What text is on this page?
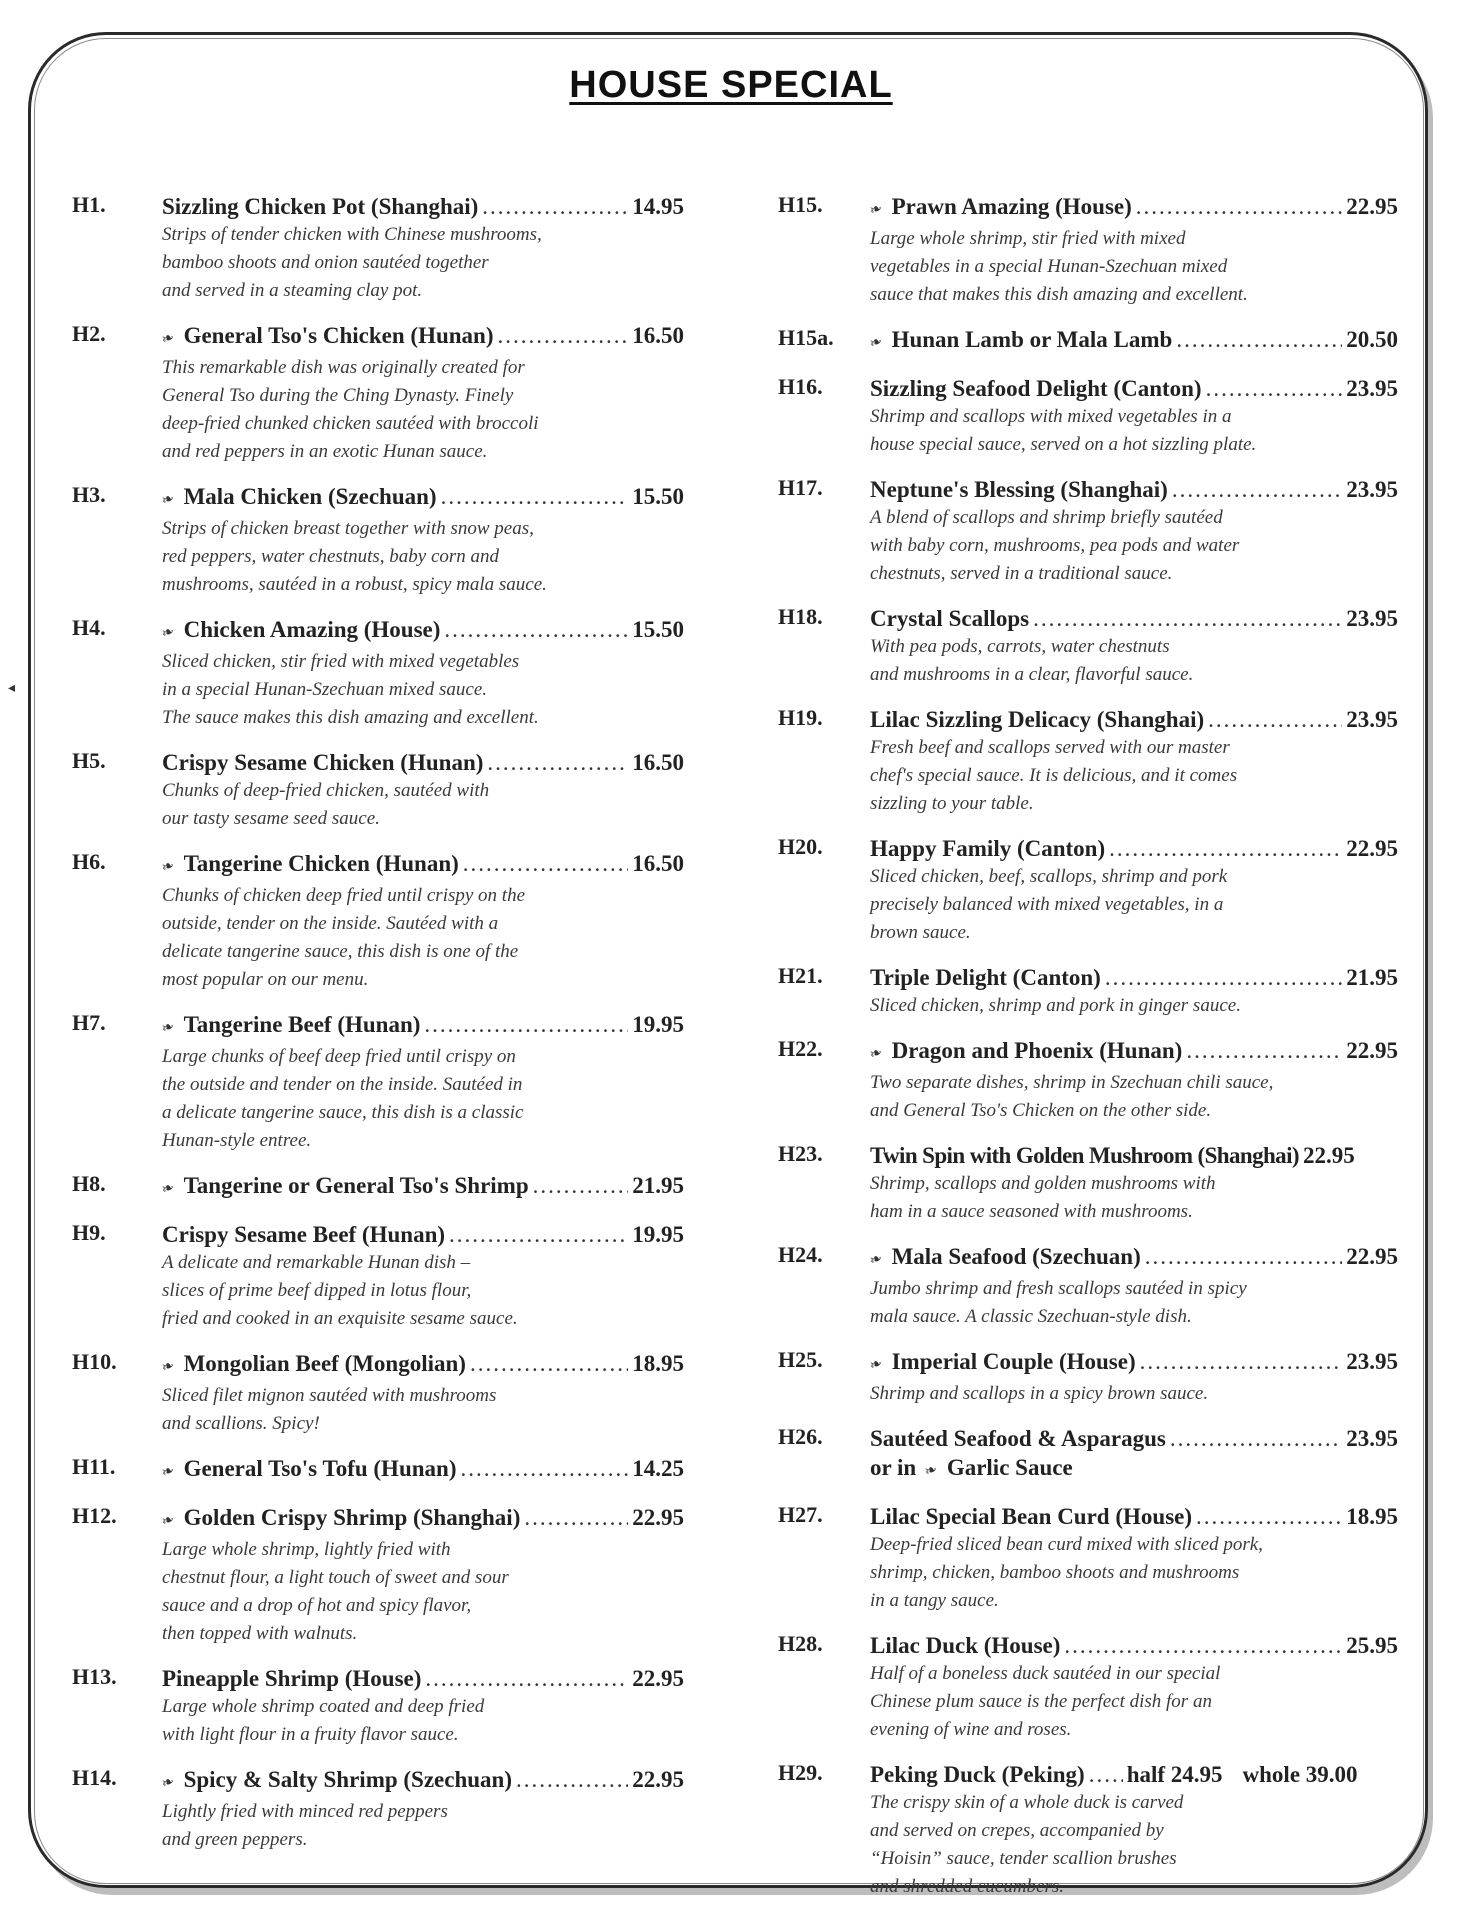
HOUSE SPECIAL
◂
H1. Sizzling Chicken Pot (Shanghai) .....	14.95
Strips of tender chicken with Chinese mushrooms,
bamboo shoots and onion sautéed together
and served in a steaming clay pot.
H2.	❧ General Tso's Chicken (Hunan) .....	16.50
This remarkable dish was originally created for
General Tso during the Ching Dynasty. Finely
deep-fried chunked chicken sautéed with broccoli
and red peppers in an exotic Hunan sauce.
H3.	❧ Mala Chicken (Szechuan) .....	15.50
Strips of chicken breast together with snow peas,
red peppers, water chestnuts, baby corn and
mushrooms, sautéed in a robust, spicy mala sauce.
H4.	❧ Chicken Amazing (House) .....	15.50
Sliced chicken, stir fried with mixed vegetables
in a special Hunan-Szechuan mixed sauce.
The sauce makes this dish amazing and excellent.
H5. Crispy Sesame Chicken (Hunan) .....	16.50
Chunks of deep-fried chicken, sautéed with
our tasty sesame seed sauce.
H6.	❧ Tangerine Chicken (Hunan) .....	16.50
Chunks of chicken deep fried until crispy on the
outside, tender on the inside. Sautéed with a
delicate tangerine sauce, this dish is one of the
most popular on our menu.
H7.	❧ Tangerine Beef (Hunan) .....	19.95
Large chunks of beef deep fried until crispy on
the outside and tender on the inside. Sautéed in
a delicate tangerine sauce, this dish is a classic
Hunan-style entree.
H8.	❧ Tangerine or General Tso's Shrimp .....	21.95
H9. Crispy Sesame Beef (Hunan) .....	19.95
A delicate and remarkable Hunan dish –
slices of prime beef dipped in lotus flour,
fried and cooked in an exquisite sesame sauce.
H10.	❧ Mongolian Beef (Mongolian) .....	18.95
Sliced filet mignon sautéed with mushrooms
and scallions. Spicy!
H11.	❧ General Tso's Tofu (Hunan) .....	14.25
H12.	❧ Golden Crispy Shrimp (Shanghai) .....	22.95
Large whole shrimp, lightly fried with
chestnut flour, a light touch of sweet and sour
sauce and a drop of hot and spicy flavor,
then topped with walnuts.
H13. Pineapple Shrimp (House) .....	22.95
Large whole shrimp coated and deep fried
with light flour in a fruity flavor sauce.
H14.	❧ Spicy & Salty Shrimp (Szechuan) .....	22.95
Lightly fried with minced red peppers
and green peppers.
H15.	❧ Prawn Amazing (House) .....	22.95
Large whole shrimp, stir fried with mixed
vegetables in a special Hunan-Szechuan mixed
sauce that makes this dish amazing and excellent.
H15a. ❧ Hunan Lamb or Mala Lamb .....	20.50
H16. Sizzling Seafood Delight (Canton) .....	23.95
Shrimp and scallops with mixed vegetables in a
house special sauce, served on a hot sizzling plate.
H17. Neptune's Blessing (Shanghai) .....	23.95
A blend of scallops and shrimp briefly sautéed
with baby corn, mushrooms, pea pods and water
chestnuts, served in a traditional sauce.
H18. Crystal Scallops .....	23.95
With pea pods, carrots, water chestnuts
and mushrooms in a clear, flavorful sauce.
H19. Lilac Sizzling Delicacy (Shanghai) .....	23.95
Fresh beef and scallops served with our master
chef's special sauce. It is delicious, and it comes
sizzling to your table.
H20. Happy Family (Canton) .....	22.95
Sliced chicken, beef, scallops, shrimp and pork
precisely balanced with mixed vegetables, in a
brown sauce.
H21. Triple Delight (Canton) .....	21.95
Sliced chicken, shrimp and pork in ginger sauce.
H22.	❧ Dragon and Phoenix (Hunan) .....	22.95
Two separate dishes, shrimp in Szechuan chili sauce,
and General Tso's Chicken on the other side.
H23. Twin Spin with Golden Mushroom (Shanghai) 22.95
Shrimp, scallops and golden mushrooms with
ham in a sauce seasoned with mushrooms.
H24.	❧ Mala Seafood (Szechuan) .....	22.95
Jumbo shrimp and fresh scallops sautéed in spicy
mala sauce. A classic Szechuan-style dish.
H25.	❧ Imperial Couple (House) .....	23.95
Shrimp and scallops in a spicy brown sauce.
H26. Sautéed Seafood & Asparagus .....	23.95
or in ❧ Garlic Sauce
H27. Lilac Special Bean Curd (House) .....	18.95
Deep-fried sliced bean curd mixed with sliced pork,
shrimp, chicken, bamboo shoots and mushrooms
in a tangy sauce.
H28. Lilac Duck (House) .....	25.95
Half of a boneless duck sautéed in our special
Chinese plum sauce is the perfect dish for an
evening of wine and roses.
H29. Peking Duck (Peking) ..... half 24.95 whole 39.00
The crispy skin of a whole duck is carved
and served on crepes, accompanied by
“Hoisin” sauce, tender scallion brushes
and shredded cucumbers.
